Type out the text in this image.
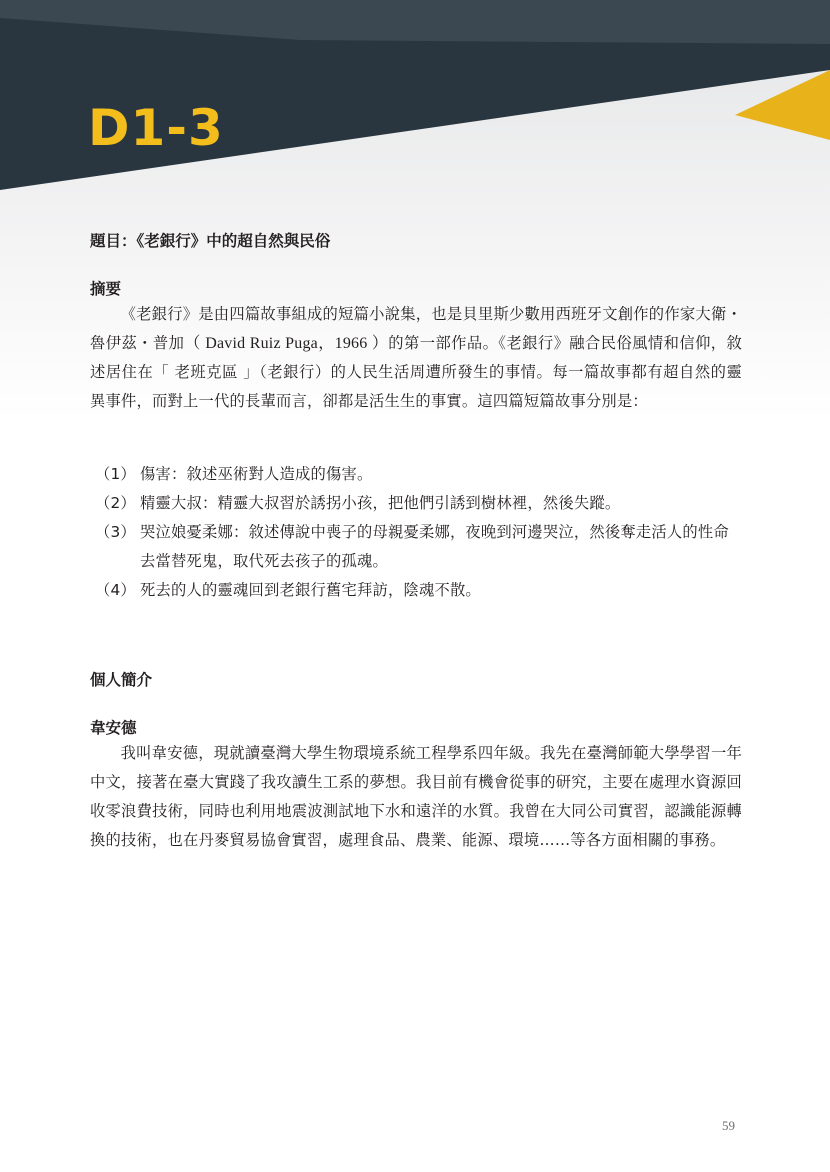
D1-3
題目：《老銀行》中的超自然與民俗
摘要
《老銀行》是由四篇故事組成的短篇小說集，也是貝里斯少數用西班牙文創作的作家大衛・魯伊茲・普加（ David Ruiz Puga，1966 ）的第一部作品。《老銀行》融合民俗風情和信仰，敘述居住在「 老班克區 」（老銀行）的人民生活周遭所發生的事情。每一篇故事都有超自然的靈異事件，而對上一代的長輩而言，卻都是活生生的事實。這四篇短篇故事分別是：
（1） 傷害：敘述巫術對人造成的傷害。
（2） 精靈大叔：精靈大叔習於誘拐小孩，把他們引誘到樹林裡，然後失蹤。
（3） 哭泣娘憂柔娜：敘述傳說中喪子的母親憂柔娜，夜晚到河邊哭泣，然後奪走活人的性命去當替死鬼，取代死去孩子的孤魂。
（4） 死去的人的靈魂回到老銀行舊宅拜訪，陰魂不散。
個人簡介
韋安德
我叫韋安德，現就讀臺灣大學生物環境系統工程學系四年級。我先在臺灣師範大學學習一年中文，接著在臺大實踐了我攻讀生工系的夢想。我目前有機會從事的研究，主要在處理水資源回收零浪費技術，同時也利用地震波測試地下水和遠洋的水質。我曾在大同公司實習，認識能源轉換的技術，也在丹麥貿易協會實習，處理食品、農業、能源、環境……等各方面相關的事務。
59
